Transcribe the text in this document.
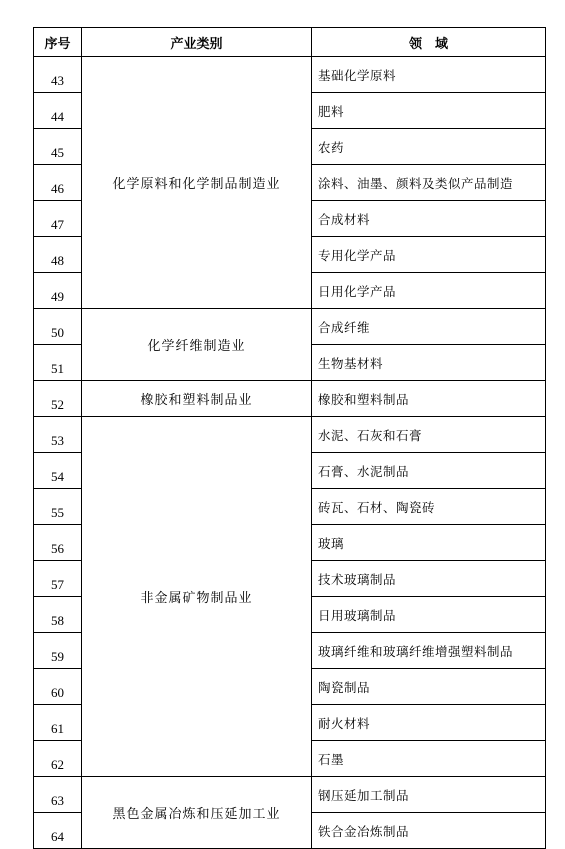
序号	产业类别	领　域
43	化学原料和化学制品制造业	基础化学原料
44		肥料
45		农药
46		涂料、油墨、颜料及类似产品制造
47		合成材料
48		专用化学产品
49		日用化学产品
50	化学纤维制造业	合成纤维
51		生物基材料
52	橡胶和塑料制品业	橡胶和塑料制品
53	非金属矿物制品业	水泥、石灰和石膏
54		石膏、水泥制品
55		砖瓦、石材、陶瓷砖
56		玻璃
57		技术玻璃制品
58		日用玻璃制品
59		玻璃纤维和玻璃纤维增强塑料制品
60		陶瓷制品
61		耐火材料
62		石墨
63	黑色金属冶炼和压延加工业	钢压延加工制品
64		铁合金冶炼制品
